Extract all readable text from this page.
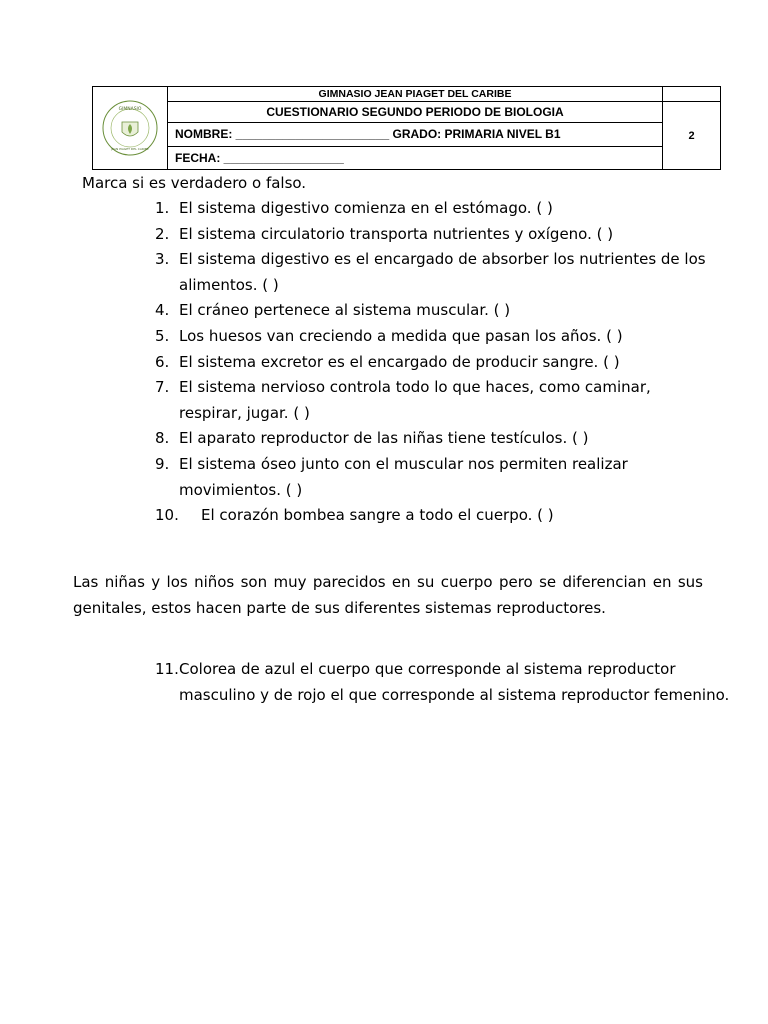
GIMNASIO
JEAN PIAGET DEL CARIBE	GIMNASIO JEAN PIAGET DEL CARIBE	
	CUESTIONARIO SEGUNDO PERIODO DE BIOLOGIA	2
	NOMBRE: _______________________ GRADO: PRIMARIA NIVEL B1	
	FECHA: __________________	
Marca si es verdadero o falso.
1. El sistema digestivo comienza en el estómago. ( )
2. El sistema circulatorio transporta nutrientes y oxígeno. ( )
3. El sistema digestivo es el encargado de absorber los nutrientes de los alimentos. ( )
4. El cráneo pertenece al sistema muscular. ( )
5. Los huesos van creciendo a medida que pasan los años. ( )
6. El sistema excretor es el encargado de producir sangre. ( )
7. El sistema nervioso controla todo lo que haces, como caminar, respirar, jugar. ( )
8. El aparato reproductor de las niñas tiene testículos. ( )
9. El sistema óseo junto con el muscular nos permiten realizar movimientos. ( )
10. El corazón bombea sangre a todo el cuerpo. ( )

Las niñas y los niños son muy parecidos en su cuerpo pero se diferencian en sus genitales, estos hacen parte de sus diferentes sistemas reproductores.

11. Colorea de azul el cuerpo que corresponde al sistema reproductor masculino y de rojo el que corresponde al sistema reproductor femenino.
